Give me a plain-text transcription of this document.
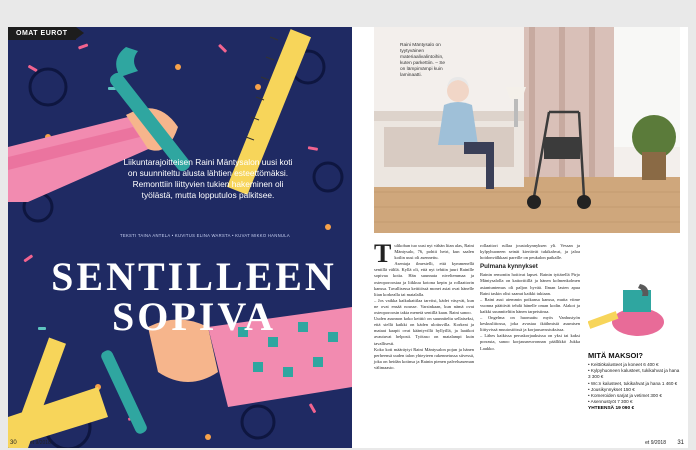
Liikuntarajoitteisen Raini Mäntysalon uusi koti on suunniteltu alusta lähtien esteettömäksi. Remonttiin liittyvien tukien hakeminen oli työlästä, mutta lopputulos palkitsee.
TEKSTI TAINA ANTELA • KUVITUS ELINA WARSTA • KUVAT MIKKO HANNULA
SENTILLEEN
SOPIVA
OMAT EUROT
Raini Mäntysalo on tyytyväinen materiaalivalintoihin, kuten parkettiin. – Se on lämpimämpi kuin laminaatti.
T ulikoban tuo uusi nyt vähän liian alas, Raini Mäntysalo, 76, pohtii hetri, kun saalen koilin uusi oli asennettu.
Asentaja ilmestelli, että kymmenellä sentillä välilä. Kyllä oli, että nyt tehtiin juuri Rainille sopivaa kotia. Hän suunnata niveltemmaa ja osteoporoosiaa ja liikkuu kotona kepin ja rollaattorin kanssa. Tavallisessa keittiössä monet asiat ovat hänelle liian korkealla tai matalalla.
– Jos vaikka kaikukattilaa tarvitsi, kädet väsyvät, kun ne ovat ensää nousse. Varsinkaan, kun nämä ovat osteoporoosin takia menetä sentillä kaan. Raini sanoo.
Uuden asunnon koko keittiö on suunniteltu sellaiseksi, että siellä kaikki on käden ulottuvilla. Korkeat ja mataat kaapit ovat kääntyvillä hyllyillä, ja laatikot avautuvat helposti. Työtaso on matalampi kuin tavallisesti.
Koko koti määräytyi Raini Mäntysalon pojan ja hänen perheensä uuden talon yhteyteen rakennetussa siivessä, joka on heidän kotinsa ja Rainin pienen palveluaseman välimaasto.
rollaattori rullaa joustokynnyksen yli. Vessan ja kylpyhuoneen seinät kiertävät tukikahvat, ja jaloa hoidonvälkkaat pareille on peukalon paikalle.
Pulmana kynnykset
Rainin remontin hoitivat lapset. Rainin tyttärellä Pirjo Mäntysalolla on kattoriitillä ja hänen kolmenkolmen asiantuntemus oli paljon hyvää. Ilman lasten apua Raini taskin olisi saanut kaikki tukiaan.
– Raini asui aiemmin poikansa kanssa, mutta viime vuonna päättivät tehdä hänelle oman kodin. Alakot ja kaikki suunniteltiin hänen tarpeisiinsa.
– Ongelma on huomattu myös Vanhustyön keskusliitossa, joka avustaa ikäihmisiä asumisen liittyvissä muutostöissä ja korjausavustuksissa.
– Lähes kaikissa peruskorjauksissa on yksi tai kaksi porrasta, sanoo korjausneuvonnan päällikkö Jukka Laukko.
MITÄ MAKSOI?
• Keittiökalusteet ja koneet 6 400 €
• Kylpyhuoneen kalusteet, tukikahvat ja hana 3 300 €
• Wc:n kalusteet, tukikahvat ja hana 1 460 €
• Jousikynnykset 150 €
• Komeroiden sarjat ja vetimet 300 €
• Asennustyöt 7 300 €
YHTEENSÄ 19 090 €
30	et 9/2018	et 9/2018 31
